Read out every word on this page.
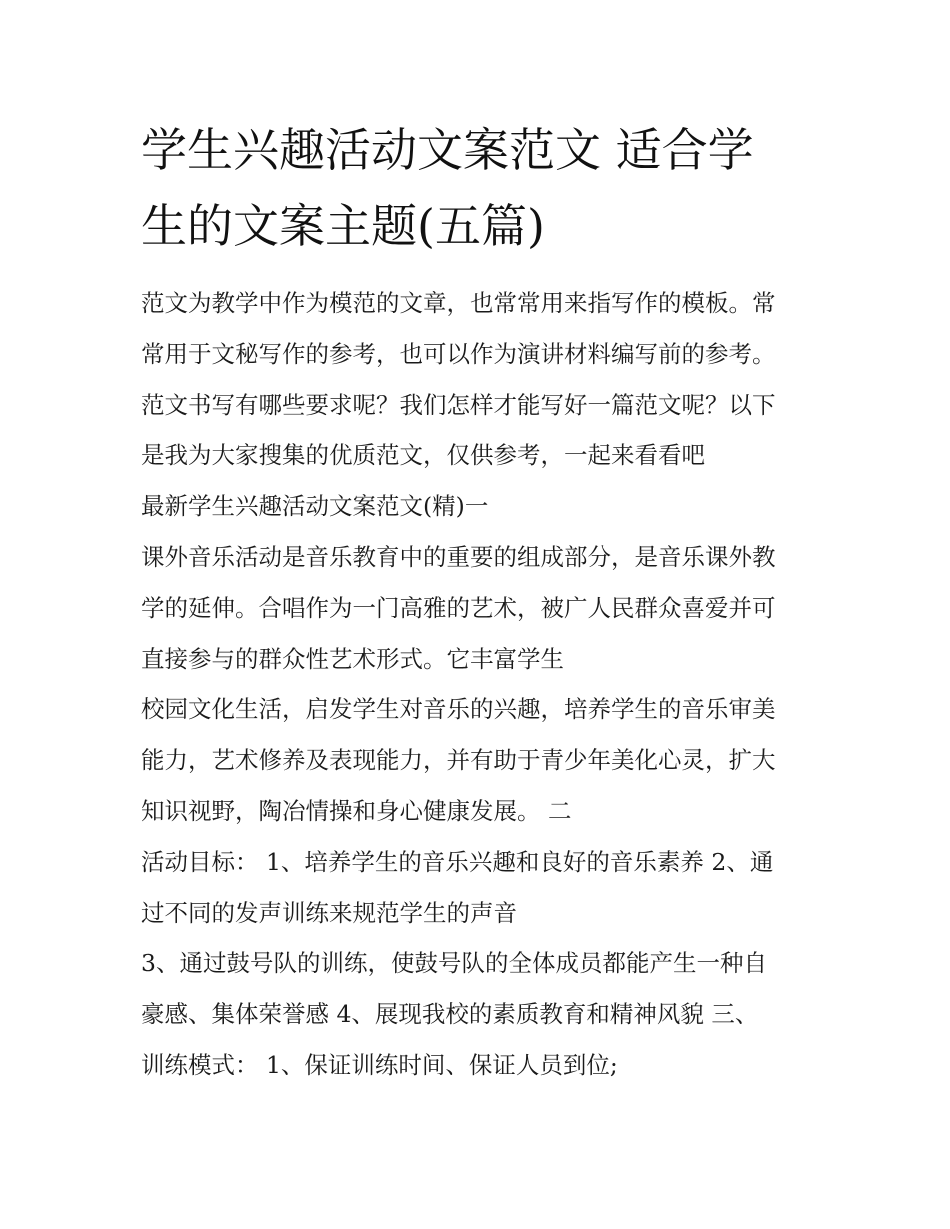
学生兴趣活动文案范文 适合学
生的文案主题(五篇)
范文为教学中作为模范的文章，也常常用来指写作的模板。常
常用于文秘写作的参考，也可以作为演讲材料编写前的参考。
范文书写有哪些要求呢？我们怎样才能写好一篇范文呢？以下
是我为大家搜集的优质范文，仅供参考，一起来看看吧
最新学生兴趣活动文案范文(精)一
课外音乐活动是音乐教育中的重要的组成部分，是音乐课外教
学的延伸。合唱作为一门高雅的艺术，被广人民群众喜爱并可
直接参与的群众性艺术形式。它丰富学生
校园文化生活，启发学生对音乐的兴趣，培养学生的音乐审美
能力，艺术修养及表现能力，并有助于青少年美化心灵，扩大
知识视野，陶冶情操和身心健康发展。 二
活动目标： 1、培养学生的音乐兴趣和良好的音乐素养 2、通
过不同的发声训练来规范学生的声音
3、通过鼓号队的训练，使鼓号队的全体成员都能产生一种自
豪感、集体荣誉感 4、展现我校的素质教育和精神风貌 三、
训练模式： 1、保证训练时间、保证人员到位;
